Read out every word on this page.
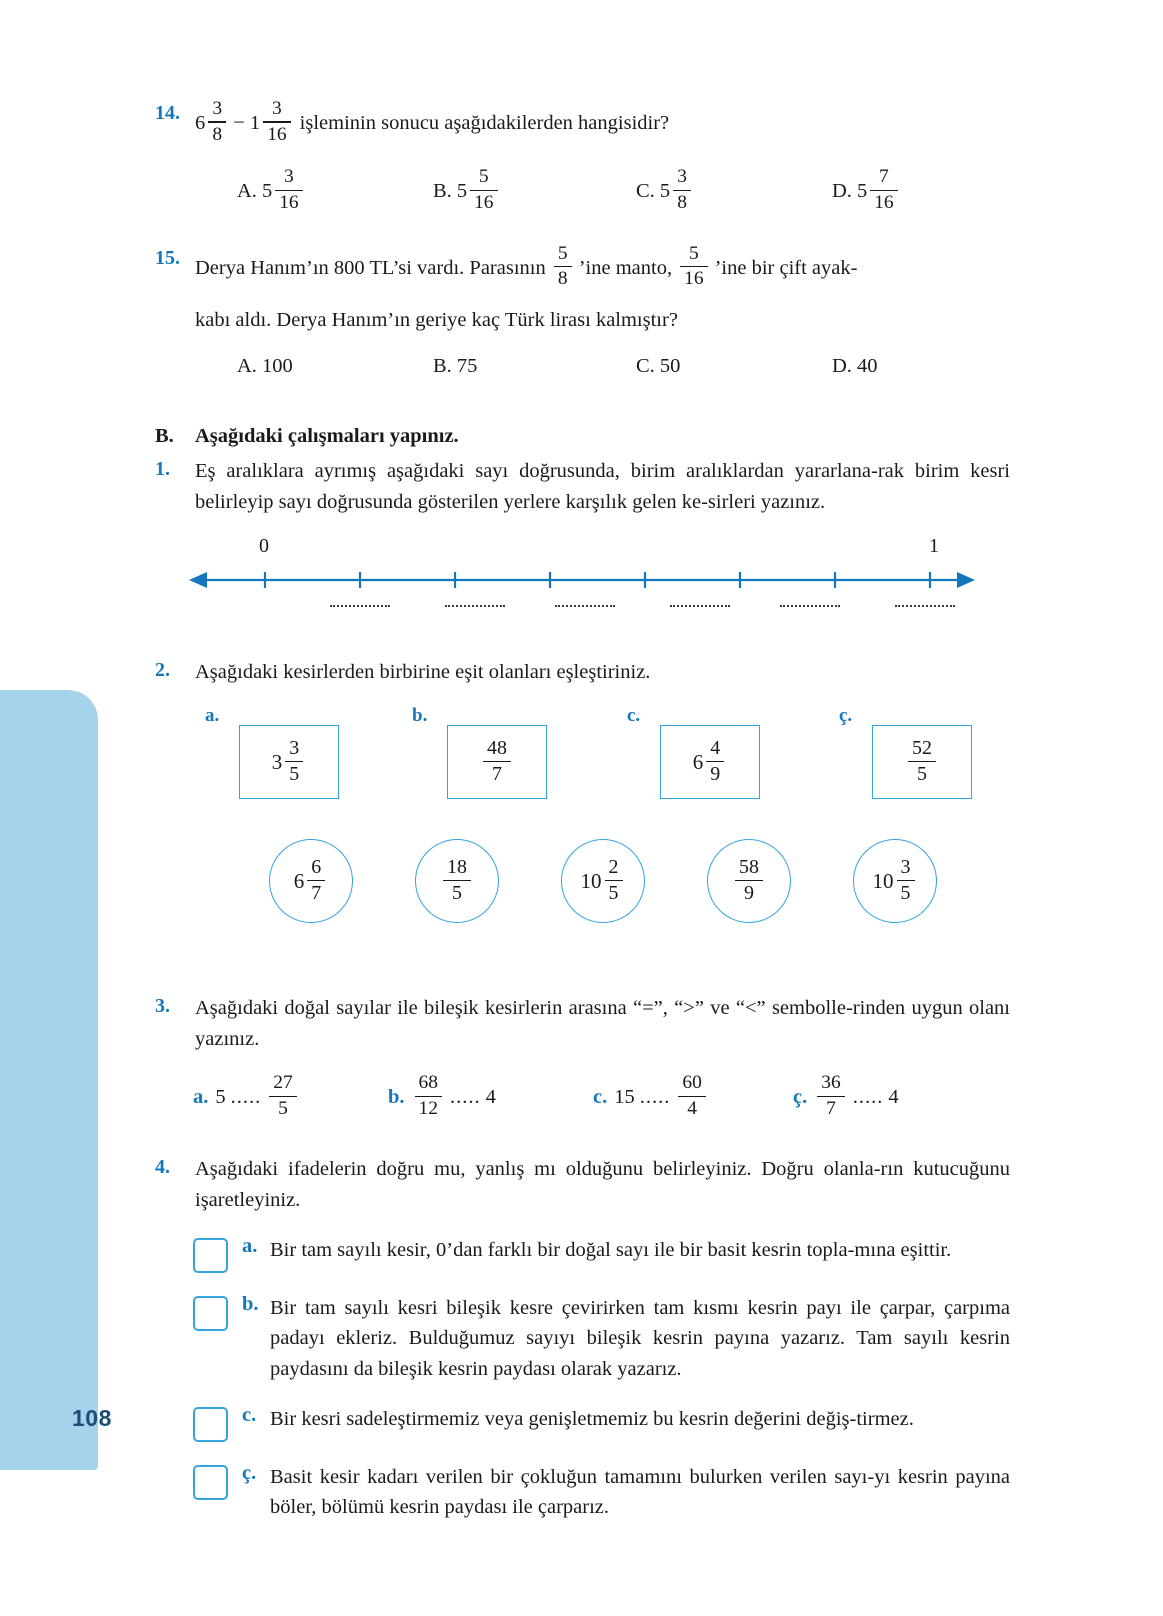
108
14. $6 \frac{3}{8} - 1 \frac{3}{16}$ işleminin sonucu aşağıdakilerden hangisidir?
A. $5 \frac{3}{16}$	B. $5 \frac{5}{16}$	C. $5 \frac{3}{8}$	D. $5 \frac{7}{16}$
15. Derya Hanım’ın 800 TL’si vardı. Parasının $\frac{5}{8}$ ’ine manto, $\frac{5}{16}$ ’ine bir çift ayak-
kabı aldı. Derya Hanım’ın geriye kaç Türk lirası kalmıştır?
A. 100	B. 75	C. 50	D. 40
B.	Aşağıdaki çalışmaları yapınız.
1.	Eş aralıklara ayrımış aşağıdaki sayı doğrusunda, birim aralıklardan yararlana-rak birim kesri belirleyip sayı doğrusunda gösterilen yerlere karşılık gelen ke-sirleri yazınız.
0	1
2.	Aşağıdaki kesirlerden birbirine eşit olanları eşleştiriniz.
a.
$3 \frac{3}{5}$
b.
$\frac{48}{7}$
c.
$6 \frac{4}{9}$
ç.
$\frac{52}{5}$
$6 \frac{6}{7}$	$\frac{18}{5}$	$10 \frac{2}{5}$	$\frac{58}{9}$	$10 \frac{3}{5}$
3.	Aşağıdaki doğal sayılar ile bileşik kesirlerin arasına “=”, “>” ve “<” sembolle-rinden uygun olanı yazınız.
a. 5 ..... $\frac{27}{5}$	b. $\frac{68}{12}$ ..... 4	c. 15 ..... $\frac{60}{4}$	ç. $\frac{36}{7}$ ..... 4
4.	Aşağıdaki ifadelerin doğru mu, yanlış mı olduğunu belirleyiniz. Doğru olanla-rın kutucuğunu işaretleyiniz.
a. Bir tam sayılı kesir, 0’dan farklı bir doğal sayı ile bir basit kesrin topla-mına eşittir.
b. Bir tam sayılı kesri bileşik kesre çevirirken tam kısmı kesrin payı ile çarpar, çarpıma padayı ekleriz. Bulduğumuz sayıyı bileşik kesrin payına yazarız. Tam sayılı kesrin paydasını da bileşik kesrin paydası olarak yazarız.
c. Bir kesri sadeleştirmemiz veya genişletmemiz bu kesrin değerini değiş-tirmez.
ç. Basit kesir kadarı verilen bir çokluğun tamamını bulurken verilen sayı-yı kesrin payına böler, bölümü kesrin paydası ile çarparız.
